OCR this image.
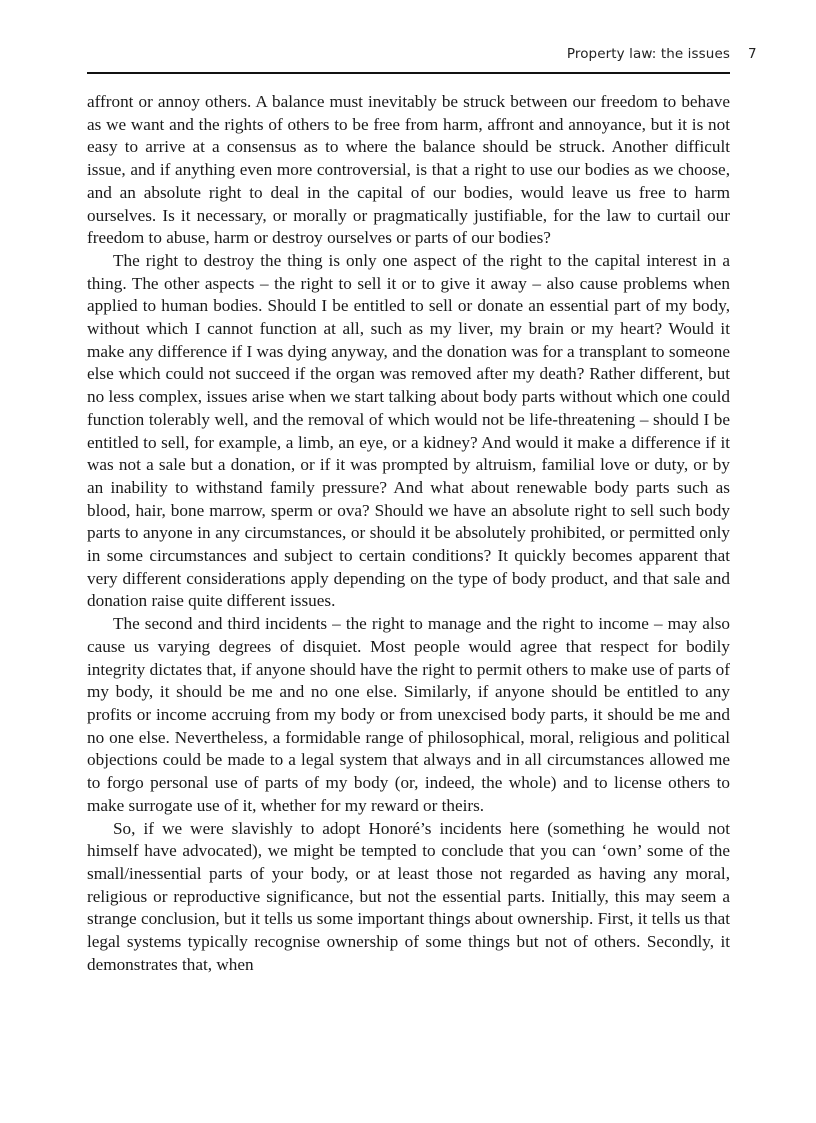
Property law: the issues 7

affront or annoy others. A balance must inevitably be struck between our freedom to behave as we want and the rights of others to be free from harm, affront and annoyance, but it is not easy to arrive at a consensus as to where the balance should be struck. Another difficult issue, and if anything even more controversial, is that a right to use our bodies as we choose, and an absolute right to deal in the capital of our bodies, would leave us free to harm ourselves. Is it necessary, or morally or pragmatically justifiable, for the law to curtail our freedom to abuse, harm or destroy ourselves or parts of our bodies?

The right to destroy the thing is only one aspect of the right to the capital interest in a thing. The other aspects – the right to sell it or to give it away – also cause problems when applied to human bodies. Should I be entitled to sell or donate an essential part of my body, without which I cannot function at all, such as my liver, my brain or my heart? Would it make any difference if I was dying anyway, and the donation was for a transplant to someone else which could not succeed if the organ was removed after my death? Rather different, but no less complex, issues arise when we start talking about body parts without which one could function tolerably well, and the removal of which would not be life-threatening – should I be entitled to sell, for example, a limb, an eye, or a kidney? And would it make a difference if it was not a sale but a donation, or if it was prompted by altruism, familial love or duty, or by an inability to withstand family pressure? And what about renewable body parts such as blood, hair, bone marrow, sperm or ova? Should we have an absolute right to sell such body parts to anyone in any circumstances, or should it be absolutely prohibited, or permitted only in some circumstances and subject to certain conditions? It quickly becomes apparent that very different considerations apply depending on the type of body product, and that sale and donation raise quite different issues.

The second and third incidents – the right to manage and the right to income – may also cause us varying degrees of disquiet. Most people would agree that respect for bodily integrity dictates that, if anyone should have the right to permit others to make use of parts of my body, it should be me and no one else. Similarly, if anyone should be entitled to any profits or income accruing from my body or from unexcised body parts, it should be me and no one else. Nevertheless, a formidable range of philosophical, moral, religious and political objections could be made to a legal system that always and in all circumstances allowed me to forgo personal use of parts of my body (or, indeed, the whole) and to license others to make surrogate use of it, whether for my reward or theirs.

So, if we were slavishly to adopt Honoré’s incidents here (something he would not himself have advocated), we might be tempted to conclude that you can ‘own’ some of the small/inessential parts of your body, or at least those not regarded as having any moral, religious or reproductive significance, but not the essential parts. Initially, this may seem a strange conclusion, but it tells us some important things about ownership. First, it tells us that legal systems typically recognise ownership of some things but not of others. Secondly, it demonstrates that, when
